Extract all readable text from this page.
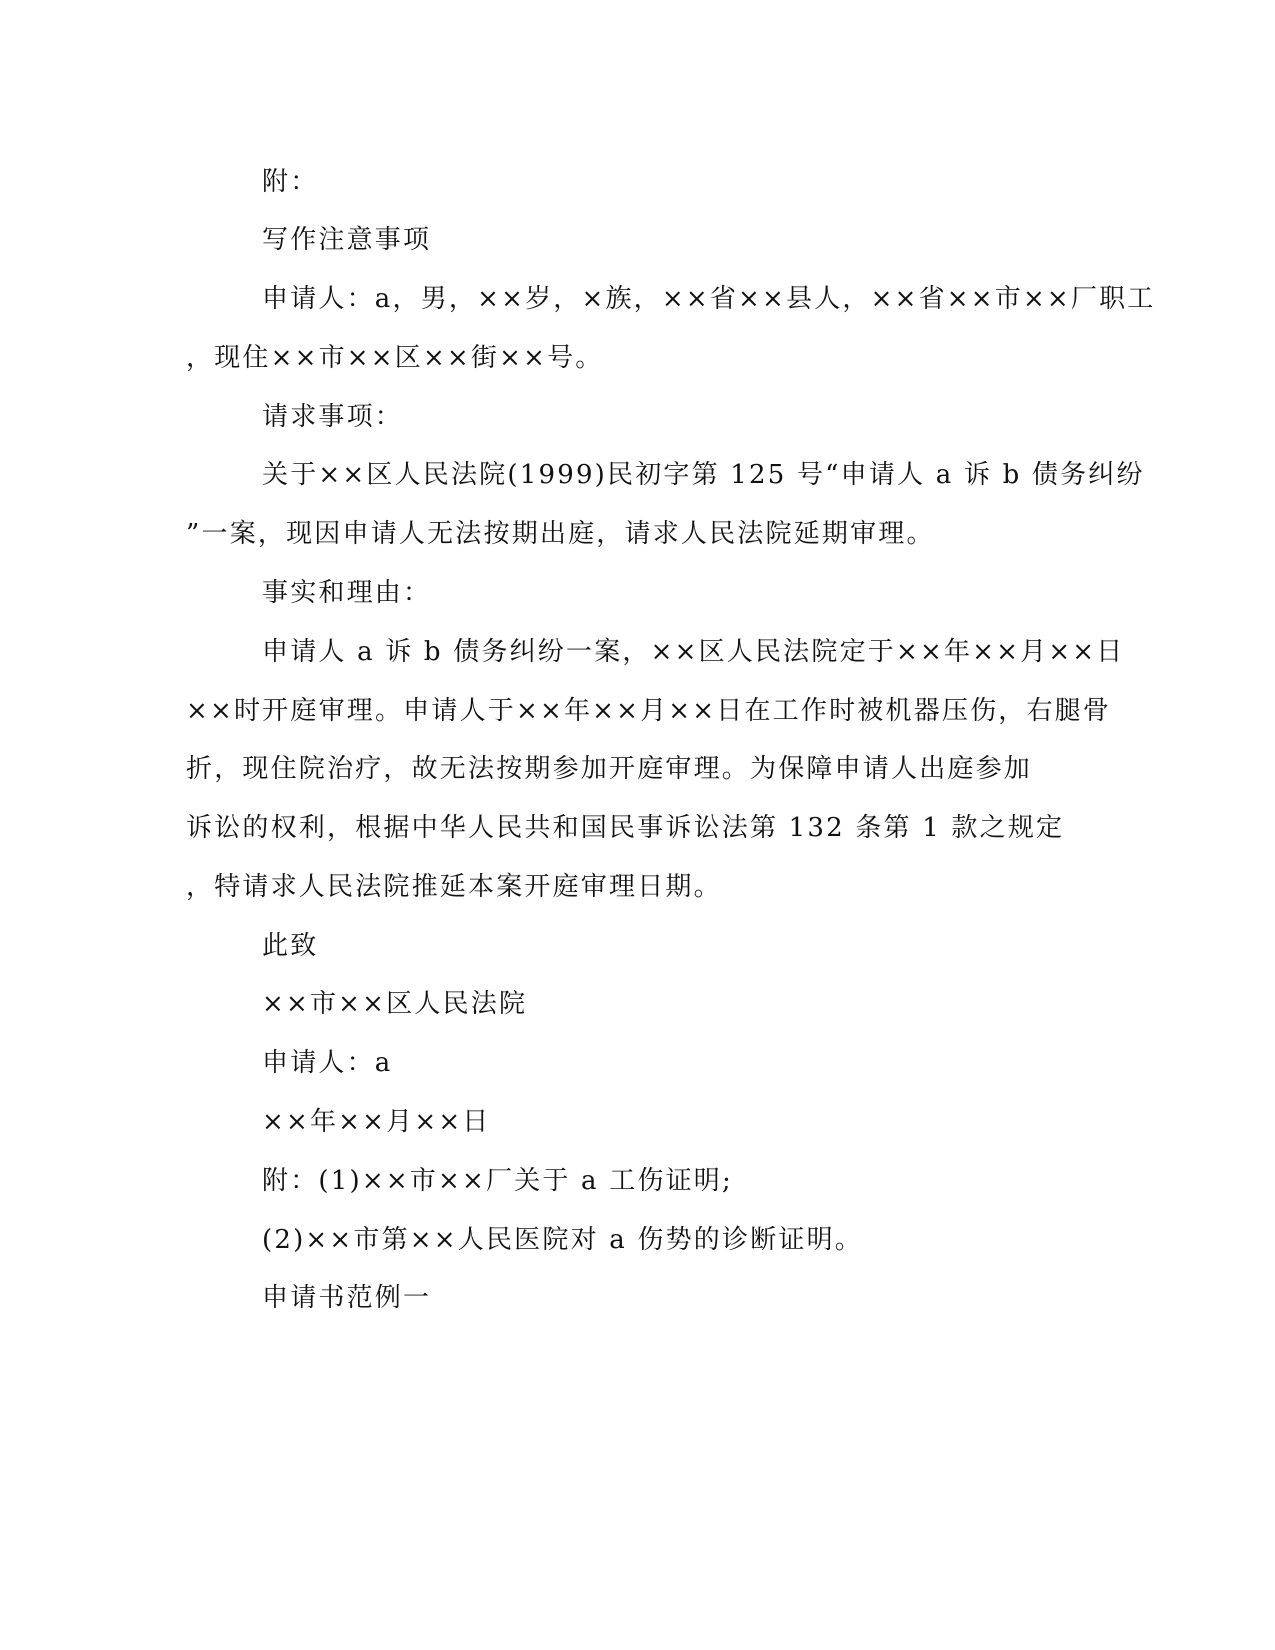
附：
写作注意事项
申请人：a，男，××岁，×族，××省××县人，××省××市××厂职工
，现住××市××区××街××号。
请求事项：
关于××区人民法院(1999)民初字第 125 号“申请人 a 诉 b 债务纠纷
”一案，现因申请人无法按期出庭，请求人民法院延期审理。
事实和理由：
申请人 a 诉 b 债务纠纷一案，××区人民法院定于××年××月××日
××时开庭审理。申请人于××年××月××日在工作时被机器压伤，右腿骨
折，现住院治疗，故无法按期参加开庭审理。为保障申请人出庭参加
诉讼的权利，根据中华人民共和国民事诉讼法第 132 条第 1 款之规定
，特请求人民法院推延本案开庭审理日期。
此致
××市××区人民法院
申请人：a
××年××月××日
附：(1)××市××厂关于 a 工伤证明;
(2)××市第××人民医院对 a 伤势的诊断证明。
申请书范例一
